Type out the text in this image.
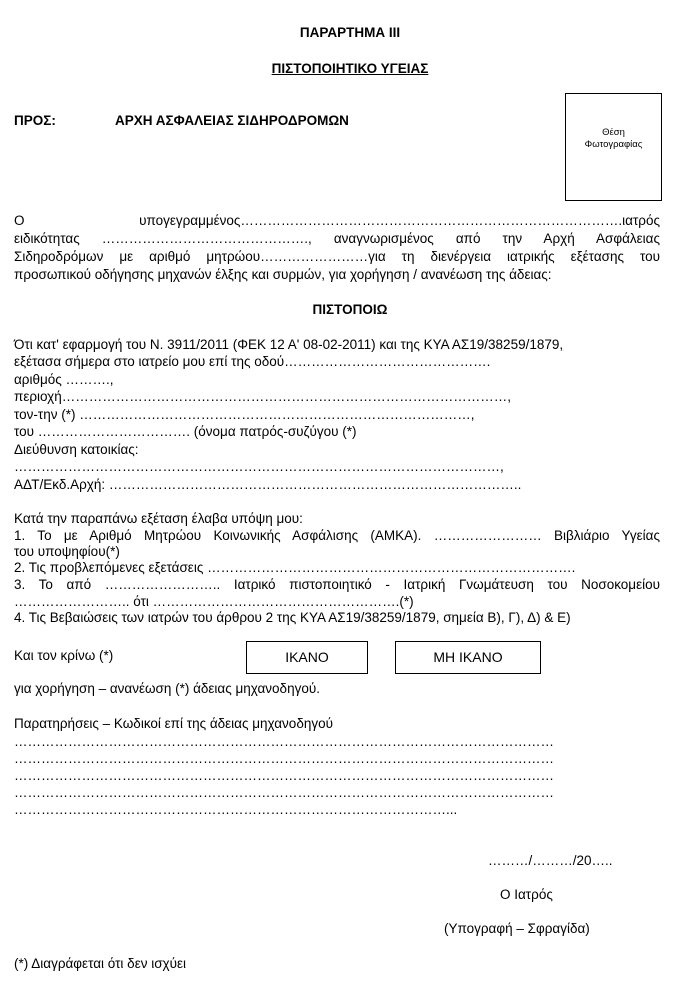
ΠΑΡΑΡΤΗΜΑ III
ΠΙΣΤΟΠΟΙΗΤΙΚΟ ΥΓΕΙΑΣ
ΠΡΟΣ:	ΑΡΧΗ ΑΣΦΑΛΕΙΑΣ ΣΙΔΗΡΟΔΡΟΜΩΝ
Θέση
Φωτογραφίας
Ο	υπογεγραμμένος………………………………………………………………………….ιατρός
ειδικότητας ………………………………………., αναγνωρισμένος από την Αρχή Ασφάλειας
Σιδηροδρόμων με αριθμό μητρώου……………………για τη διενέργεια ιατρικής εξέτασης του
προσωπικού οδήγησης μηχανών έλξης και συρμών, για χορήγηση / ανανέωση της άδειας:
ΠΙΣΤΟΠΟΙΩ
Ότι κατ' εφαρμογή του Ν. 3911/2011 (ΦΕΚ 12 Α' 08-02-2011) και της ΚΥΑ ΑΣ19/38259/1879,
εξέτασα σήμερα στο ιατρείο μου επί της οδού……………………………………….
αριθμός ……….,
περιοχή………………………………………………………………………………………,
τον-την (*) ……………………………………………………………………………,
του ……………………………. (όνομα πατρός-συζύγου (*)
Διεύθυνση κατοικίας:
………………………………………………………………………………………………,
ΑΔΤ/Εκδ.Αρχή: ………………………………………………………………………………..
Κατά την παραπάνω εξέταση έλαβα υπόψη μου:
1. Το με Αριθμό Μητρώου Κοινωνικής Ασφάλισης (ΑΜΚΑ). …………………… Βιβλιάριο Υγείας
του υποψηφίου(*)
2. Τις προβλεπόμενες εξετάσεις ……………………………………………………………………….
3. Το από …………………….. Ιατρικό πιστοποιητικό - Ιατρική Γνωμάτευση του Νοσοκομείου
…………………….. ότι ……………………………………………….(*)
4. Τις Βεβαιώσεις των ιατρών του άρθρου 2 της ΚΥΑ ΑΣ19/38259/1879, σημεία Β), Γ), Δ) & Ε)
Και τον κρίνω (*)	ΙΚΑΝΟ	ΜΗ ΙΚΑΝΟ
για χορήγηση – ανανέωση (*) άδειας μηχανοδηγού.
Παρατηρήσεις – Κωδικοί επί της άδειας μηχανοδηγού
…………………………………………………………………………………………………………
…………………………………………………………………………………………………………
…………………………………………………………………………………………………………
…………………………………………………………………………………………………………
……………………………………………………………………………………...
………/………/20…..
Ο Ιατρός
(Υπογραφή – Σφραγίδα)
(*) Διαγράφεται ότι δεν ισχύει
